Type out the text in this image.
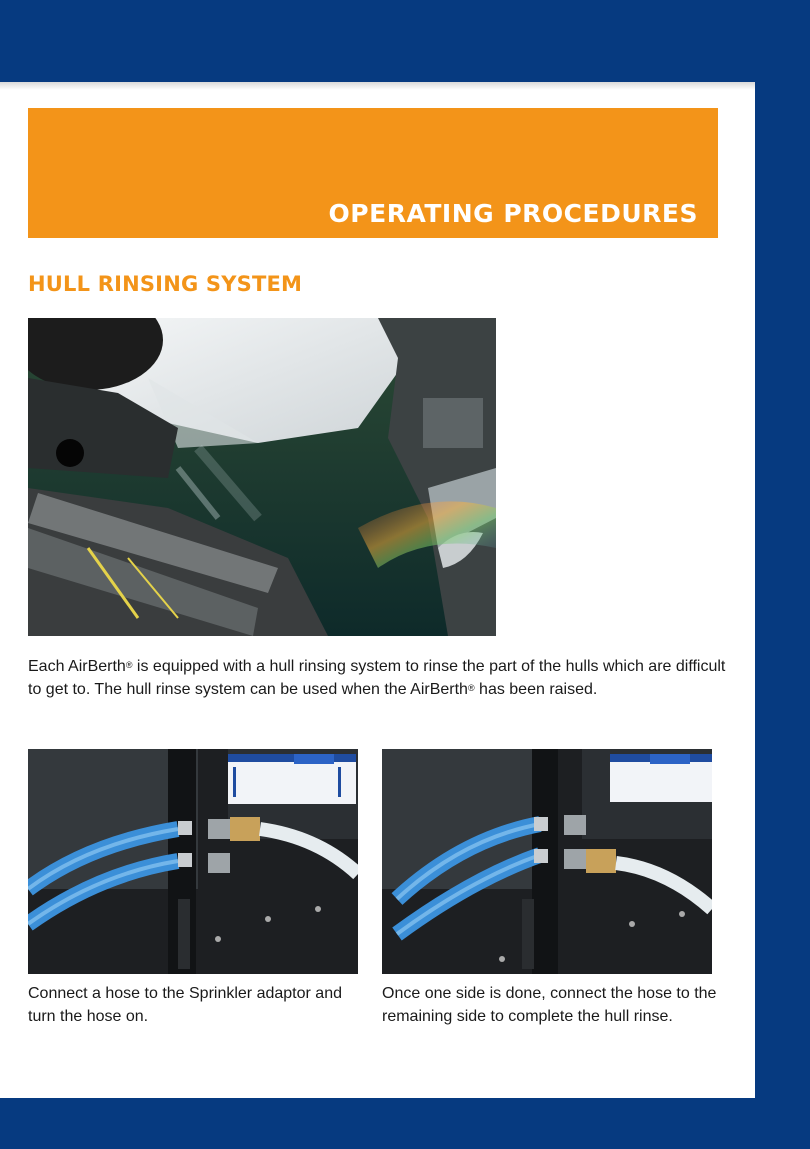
OPERATING PROCEDURES
HULL RINSING SYSTEM

Each AirBerth® is equipped with a hull rinsing system to rinse the part of the hulls which are difficult to get to. The hull rinse system can be used when the AirBerth® has been raised.

Connect a hose to the Sprinkler adaptor and turn the hose on.

Once one side is done, connect the hose to the remaining side to complete the hull rinse.
